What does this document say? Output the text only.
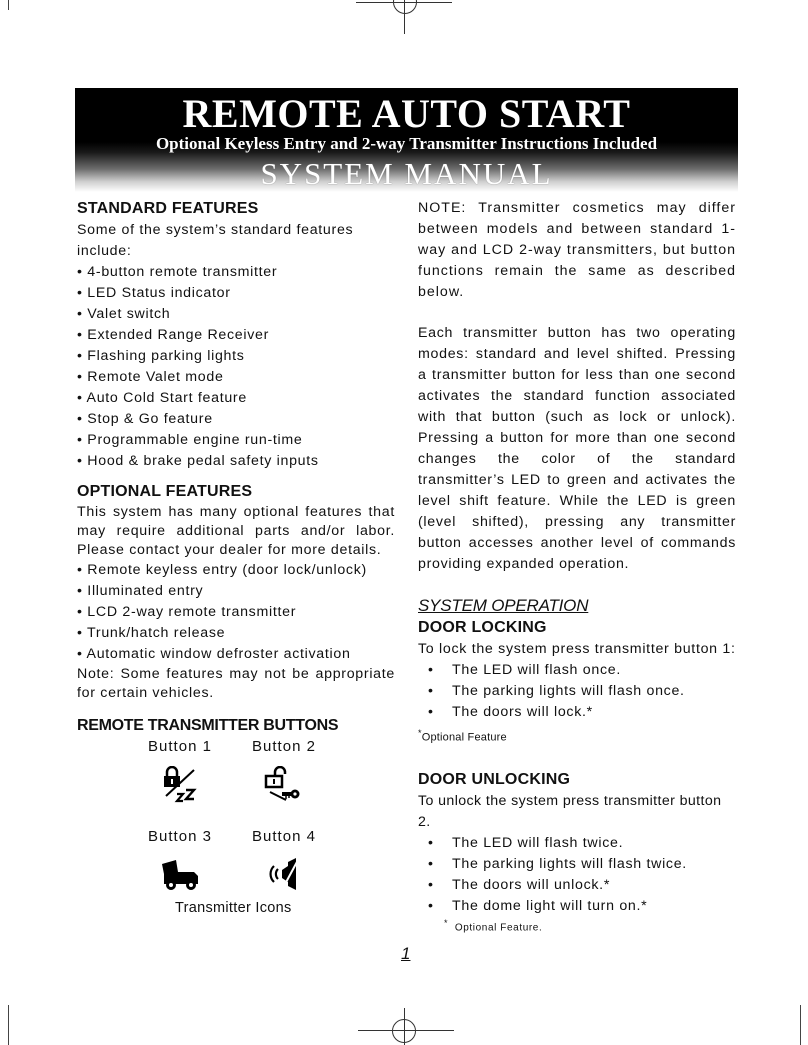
REMOTE AUTO START
Optional Keyless Entry and 2-way Transmitter Instructions Included
SYSTEM MANUAL
STANDARD FEATURES

Some of the system’s standard features include:

• 4-button remote transmitter
• LED Status indicator
• Valet switch
• Extended Range Receiver
• Flashing parking lights
• Remote Valet mode
• Auto Cold Start feature
• Stop & Go feature
• Programmable engine run-time
• Hood & brake pedal safety inputs
OPTIONAL FEATURES

This system has many optional features that may require additional parts and/or labor. Please contact your dealer for more details.

• Remote keyless entry (door lock/unlock)
• Illuminated entry
• LCD 2-way remote transmitter
• Trunk/hatch release
• Automatic window defroster activation

Note: Some features may not be appropriate for certain vehicles.

REMOTE TRANSMITTER BUTTONS
Button 1	Button 2
Button 3	Button 4
Transmitter Icons

NOTE: Transmitter cosmetics may differ between models and between standard 1-way and LCD 2-way transmitters, but button functions remain the same as described below.

Each transmitter button has two operating modes: standard and level shifted. Pressing a transmitter button for less than one second activates the standard function associated with that button (such as lock or unlock). Pressing a button for more than one second changes the color of the standard transmitter’s LED to green and activates the level shift feature. While the LED is green (level shifted), pressing any transmitter button accesses another level of commands providing expanded operation.

SYSTEM OPERATION

DOOR LOCKING

To lock the system press transmitter button 1:

• The LED will flash once.
• The parking lights will flash once.
• The doors will lock.*
*Optional Feature
DOOR UNLOCKING

To unlock the system press transmitter button 2.

• The LED will flash twice.
• The parking lights will flash twice.
• The doors will unlock.*
• The dome light will turn on.*
* Optional Feature.
1
